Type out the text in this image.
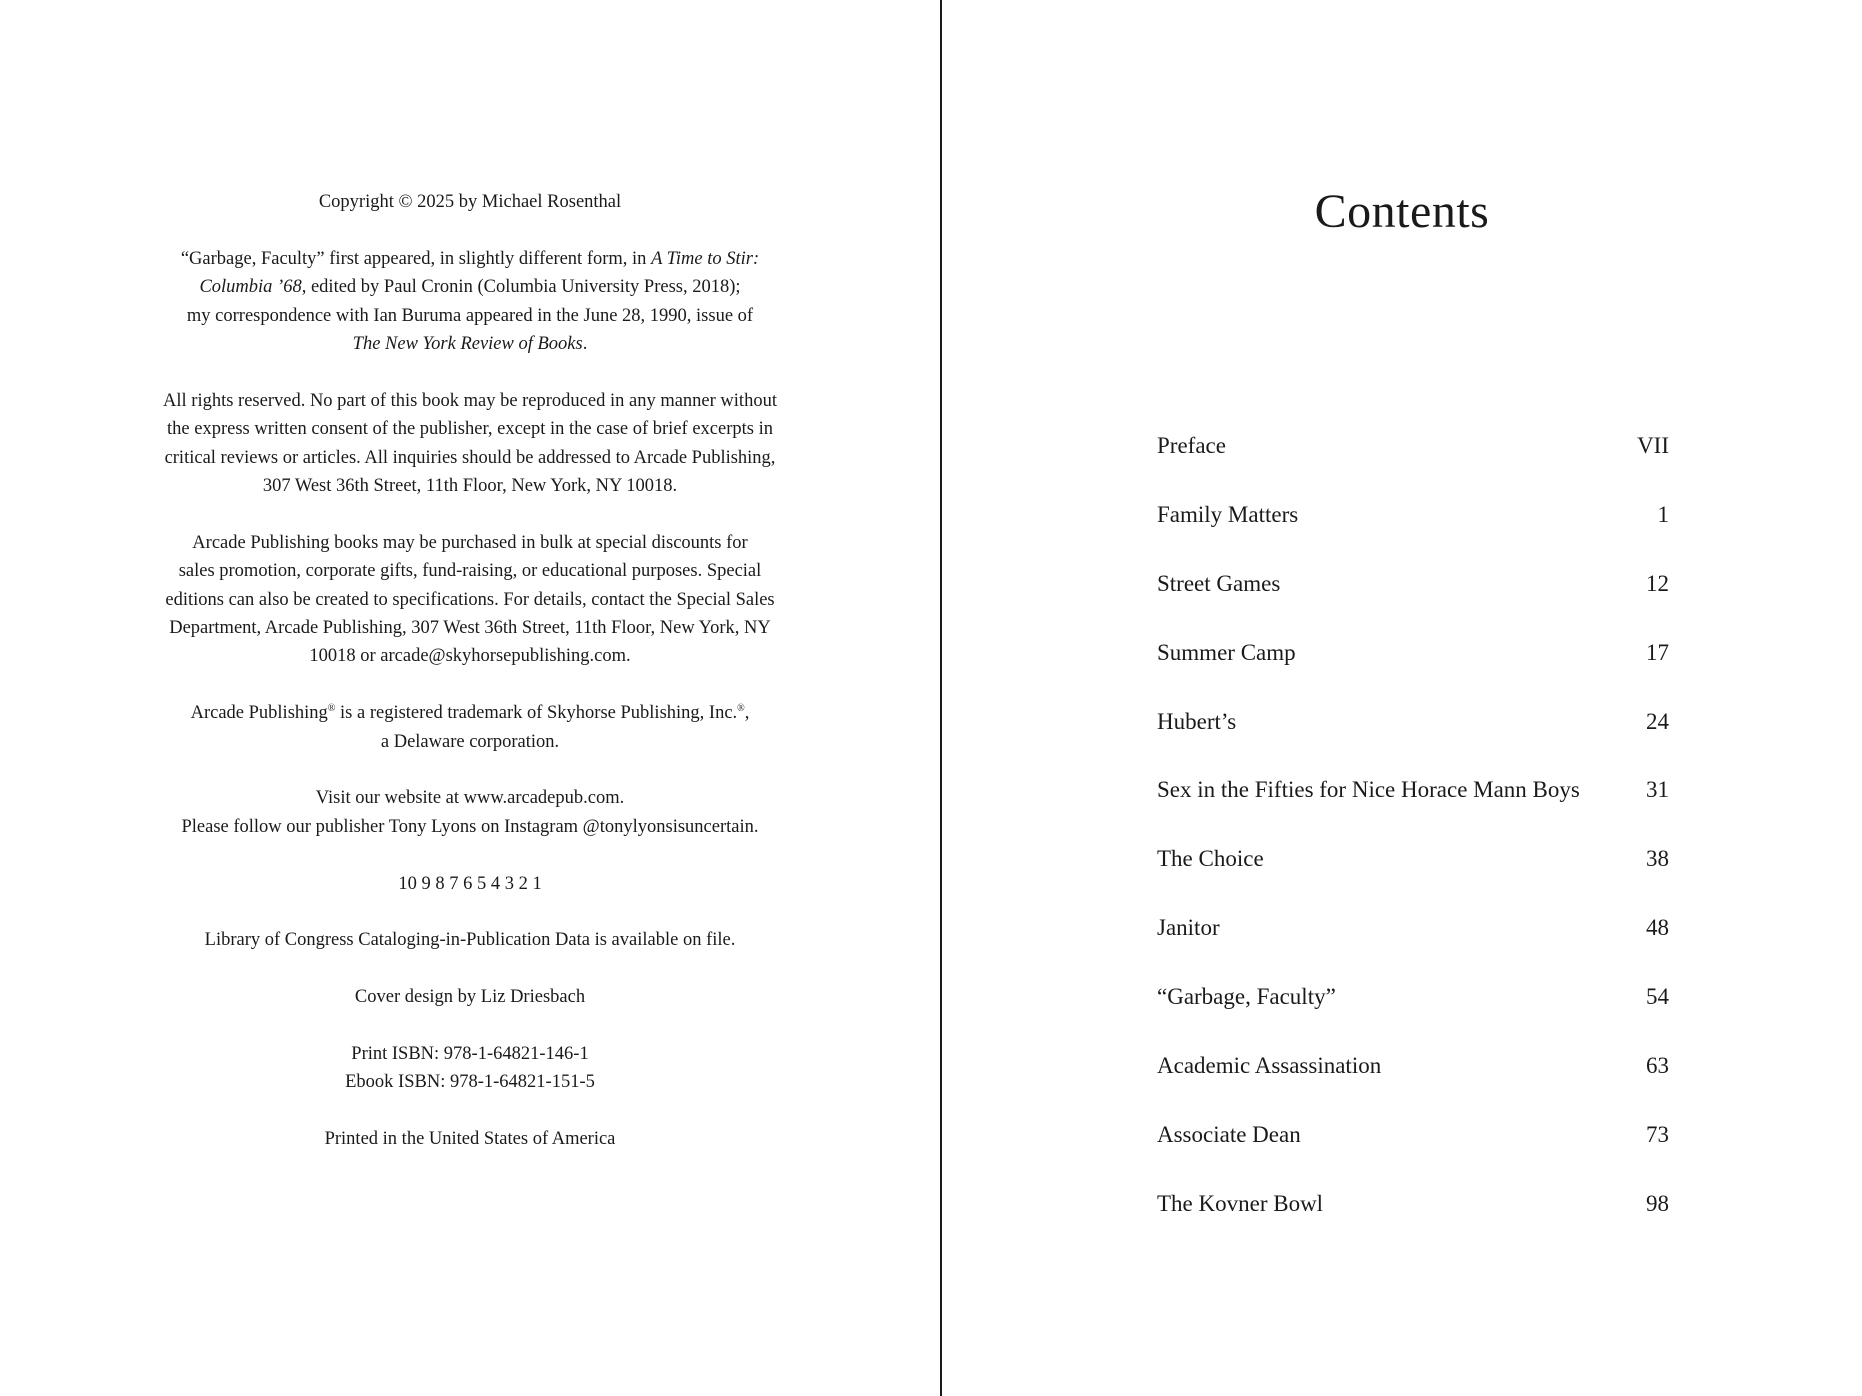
Copyright © 2025 by Michael Rosenthal

“Garbage, Faculty” first appeared, in slightly different form, in A Time to Stir:
Columbia ’68, edited by Paul Cronin (Columbia University Press, 2018);
my correspondence with Ian Buruma appeared in the June 28, 1990, issue of
The New York Review of Books.

All rights reserved. No part of this book may be reproduced in any manner without
the express written consent of the publisher, except in the case of brief excerpts in
critical reviews or articles. All inquiries should be addressed to Arcade Publishing,
307 West 36th Street, 11th Floor, New York, NY 10018.

Arcade Publishing books may be purchased in bulk at special discounts for
sales promotion, corporate gifts, fund-raising, or educational purposes. Special
editions can also be created to specifications. For details, contact the Special Sales
Department, Arcade Publishing, 307 West 36th Street, 11th Floor, New York, NY
10018 or arcade@skyhorsepublishing.com.

Arcade Publishing® is a registered trademark of Skyhorse Publishing, Inc.®,
a Delaware corporation.

Visit our website at www.arcadepub.com.
Please follow our publisher Tony Lyons on Instagram @tonylyonsisuncertain.

10 9 8 7 6 5 4 3 2 1

Library of Congress Cataloging-in-Publication Data is available on file.

Cover design by Liz Driesbach

Print ISBN: 978-1-64821-146-1
Ebook ISBN: 978-1-64821-151-5

Printed in the United States of America

Contents
Preface	VII
Family Matters	1
Street Games	12
Summer Camp	17
Hubert’s	24
Sex in the Fifties for Nice Horace Mann Boys	31
The Choice	38
Janitor	48
“Garbage, Faculty”	54
Academic Assassination	63
Associate Dean	73
The Kovner Bowl	98
